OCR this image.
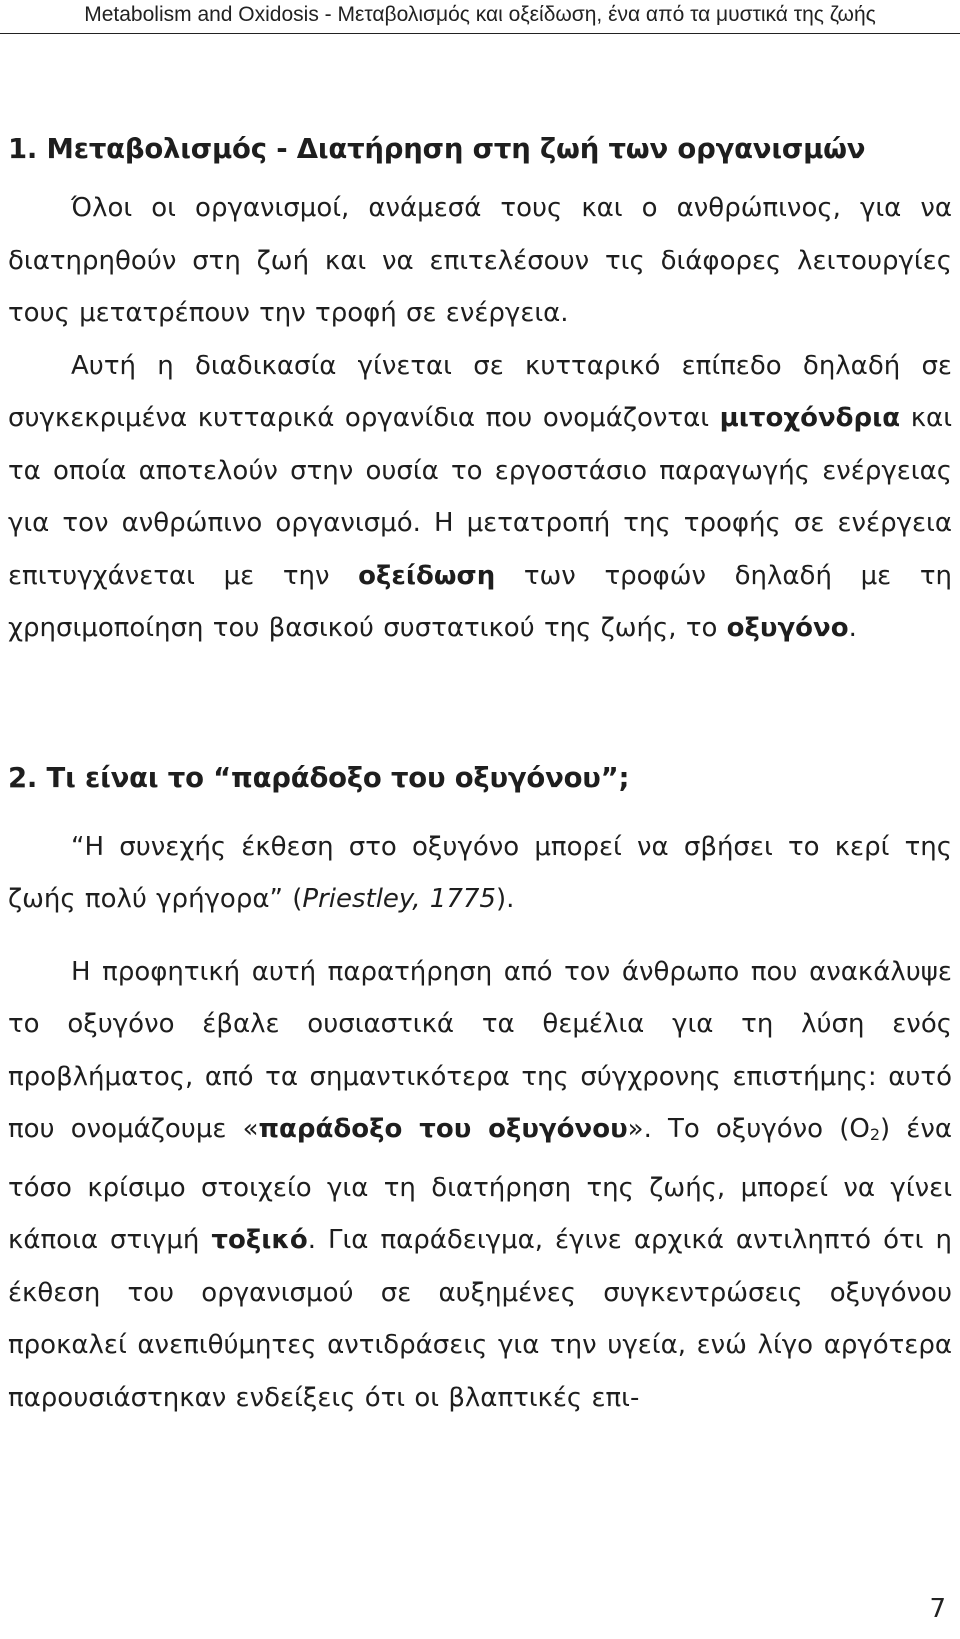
Metabolism and Oxidosis - Μεταβολισμός και οξείδωση, ένα από τα μυστικά της ζωής
1. Μεταβολισμός - Διατήρηση στη ζωή των οργανισμών

Όλοι οι οργανισμοί, ανάμεσά τους και ο ανθρώπινος, για να διατηρηθούν στη ζωή και να επιτελέσουν τις διάφορες λειτουργίες τους μετατρέπουν την τροφή σε ενέργεια.

Αυτή η διαδικασία γίνεται σε κυτταρικό επίπεδο δηλαδή σε συγκεκριμένα κυτταρικά οργανίδια που ονομάζονται μιτοχόνδρια και τα οποία αποτελούν στην ουσία το εργοστάσιο παραγωγής ενέργειας για τον ανθρώπινο οργανισμό. Η μετατροπή της τροφής σε ενέργεια επιτυγχάνεται με την οξείδωση των τροφών δηλαδή με τη χρησιμοποίηση του βασικού συστατικού της ζωής, το οξυγόνο.

2. Τι είναι το “παράδοξο του οξυγόνου”;

“Η συνεχής έκθεση στο οξυγόνο μπορεί να σβήσει το κερί της ζωής πολύ γρήγορα” (Priestley, 1775).

Η προφητική αυτή παρατήρηση από τον άνθρωπο που ανακάλυψε το οξυγόνο έβαλε ουσιαστικά τα θεμέλια για τη λύση ενός προβλήματος, από τα σημαντικότερα της σύγχρονης επιστήμης: αυτό που ονομάζουμε «παράδοξο του οξυγόνου». Το οξυγόνο $(O_2)$ ένα τόσο κρίσιμο στοιχείο για τη διατήρηση της ζωής, μπορεί να γίνει κάποια στιγμή τοξικό. Για παράδειγμα, έγινε αρχικά αντιληπτό ότι η έκθεση του οργανισμού σε αυξημένες συγκεντρώσεις οξυγόνου προκαλεί ανεπιθύμητες αντιδράσεις για την υγεία, ενώ λίγο αργότερα παρουσιάστηκαν ενδείξεις ότι οι βλαπτικές επι-

7
